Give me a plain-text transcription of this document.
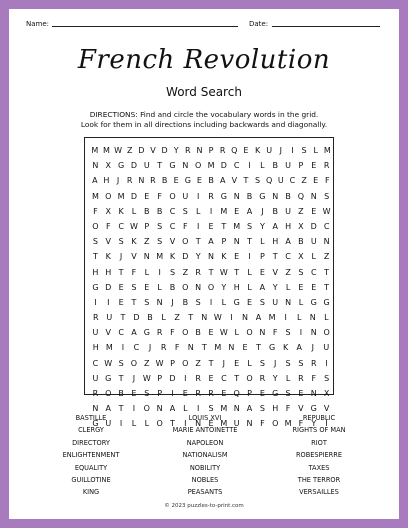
Name:	Date:
French Revolution
Word Search
DIRECTIONS: Find and circle the vocabulary words in the grid.
Look for them in all directions including backwards and diagonally.
M M W Z D V D Y R N P R Q E K U J	I S L M
N X G D U T G N O M D C	I	L B U P E R
A H J R N R B E G E B A V T S Q U C Z E F
M O M D E	F O U	I	R G N B G N B Q N S
F X K L B B C S	L	I	M E A	J	B U Z E W
O F C W P S C F	I	E T M S Y A H X D C
S V S K Z S V O T A P N T	L H A B U N
T K	J	V N M K D Y N K E	I	P T C X L Z
H H T	F	L	I	S Z R T W T	L	E V Z S C T
G D E S E	L B O N O Y H L A Y	L	E E T
I	I	E T S N	J	B S	I	L G E S U N L G G
R U	T	D B	L	Z	T	N W	I	N A M	I	L	N	L
U V C A G R F O B E W L O N F	S	I	N O
H M	I	C	J	R	F	N	T M N	E	T	G K	A	J	U
C W S O Z W P O Z T	J	E	L	S	J	S S R	I
U G T	J W P D	I	R E C T O R Y	L R F	S
R O B E S P	I	E R R E Q P E G S E N X
N A T	I	O N A L	I	S M N A S H F V G V
G U	I	L	L O T	I	N E M U N F O M F	Y	I
BASTILLE
CLERGY
DIRECTORY
ENLIGHTENMENT
EQUALITY
GUILLOTINE
KING
LOUIS XVI
MARIE ANTOINETTE
NAPOLEON
NATIONALISM
NOBILITY
NOBLES
PEASANTS
REPUBLIC
RIGHTS OF MAN
RIOT
ROBESPIERRE
TAXES
THE TERROR
VERSAILLES
© 2023 puzzles-to-print.com
